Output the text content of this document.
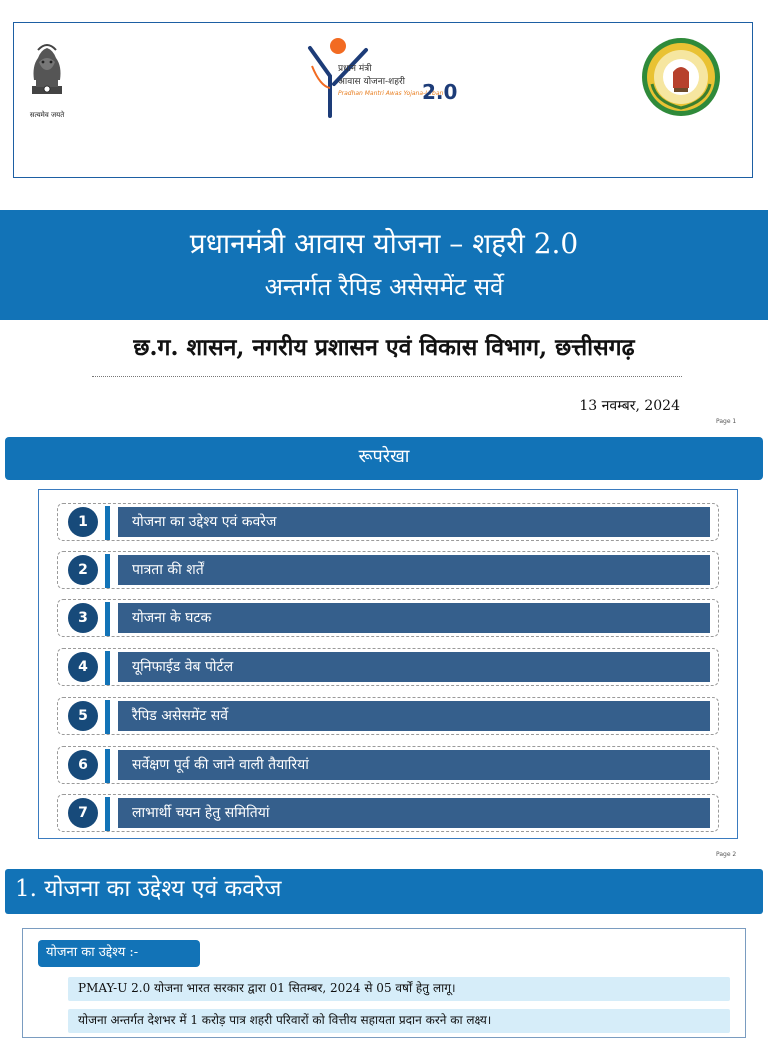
सत्यमेव जयते
प्रधान मंत्री
आवास योजना-शहरी
Pradhan Mantri Awas Yojana-Urban
2.0
प्रधानमंत्री आवास योजना – शहरी 2.0
अन्तर्गत रैपिड असेसमेंट सर्वे
छ.ग. शासन, नगरीय प्रशासन एवं विकास विभाग, छत्तीसगढ़
13 नवम्बर, 2024
Page 1
रूपरेखा
1	योजना का उद्देश्य एवं कवरेज
2	पात्रता की शर्तें
3	योजना के घटक
4	यूनिफाईड वेब पोर्टल
5	रैपिड असेसमेंट सर्वे
6	सर्वेक्षण पूर्व की जाने वाली तैयारियां
7	लाभार्थी चयन हेतु समितियां
Page 2
1. योजना का उद्देश्य एवं कवरेज
योजना का उद्देश्य :-
PMAY-U 2.0 योजना भारत सरकार द्वारा 01 सितम्बर, 2024 से 05 वर्षों हेतु लागू।
योजना अन्तर्गत देशभर में 1 करोड़ पात्र शहरी परिवारों को वित्तीय सहायता प्रदान करने का लक्ष्य।
